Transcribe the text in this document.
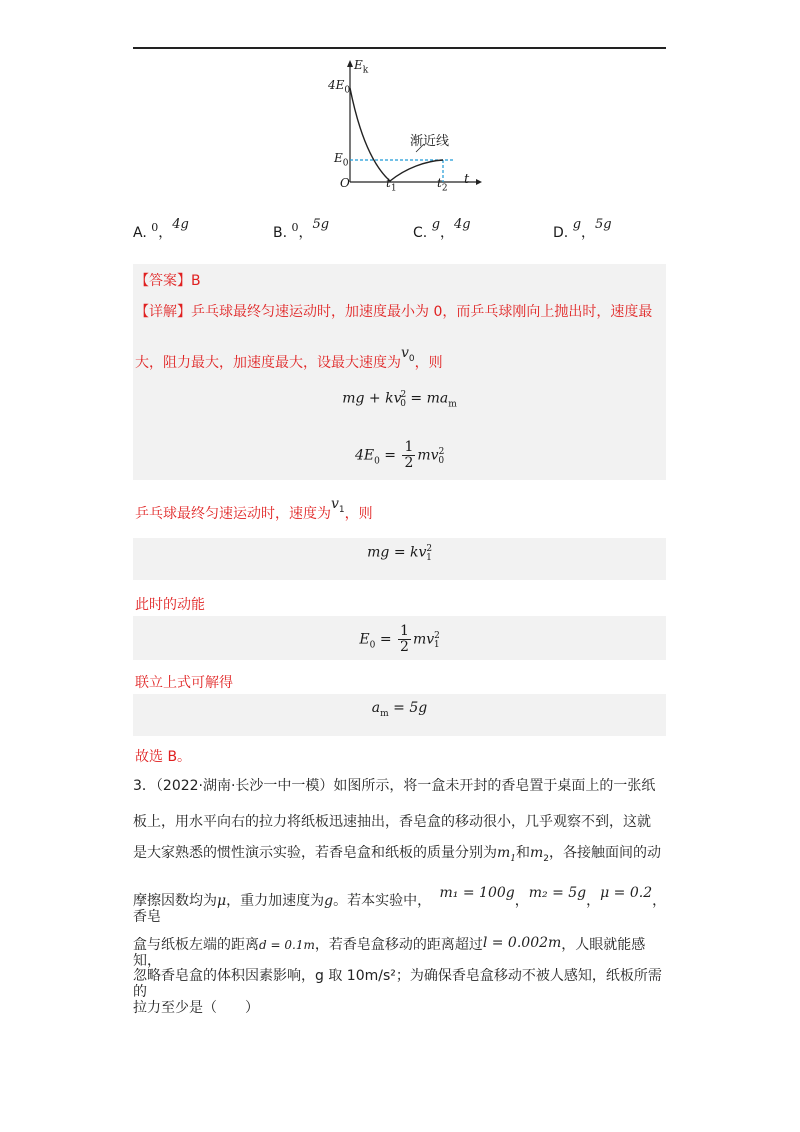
$E_k$
$4E_0$
$E_0$
O	$t_1$	$t_2$
t
渐近线
A. $^0$，4g
B. $^0$，5g
C. g，4g
D. g，5g
【答案】B
【详解】乒乓球最终匀速运动时，加速度最小为 0，而乒乓球刚向上抛出时，速度最
大，阻力最大，加速度最大，设最大速度为$v_0$，则
mg + $kv^2_0 = ma_m$
$4E_0 = \frac{1}{2} mv^2_0$
乒乓球最终匀速运动时，速度为$v_1$，则
mg = $kv^2_1$
此时的动能
$E_0 = \frac{1}{2} mv^2_1$
联立上式可解得
$a_m = 5g$
故选 B。
3．（2022·湖南·长沙一中一模）如图所示，将一盒未开封的香皂置于桌面上的一张纸
板上，用水平向右的拉力将纸板迅速抽出，香皂盒的移动很小，几乎观察不到，这就
是大家熟悉的惯性演示实验，若香皂盒和纸板的质量分别为$m_1$和$m_2$，各接触面间的动
摩擦因数均为μ，重力加速度为g。若本实验中， m₁ = 100g，m₂ = 5g，μ = 0.2，香皂
盒与纸板左端的距离d = 0.1m，若香皂盒移动的距离超过l = 0.002m，人眼就能感知，
忽略香皂盒的体积因素影响，g 取 10m/s²；为确保香皂盒移动不被人感知，纸板所需的
拉力至少是（　　）
